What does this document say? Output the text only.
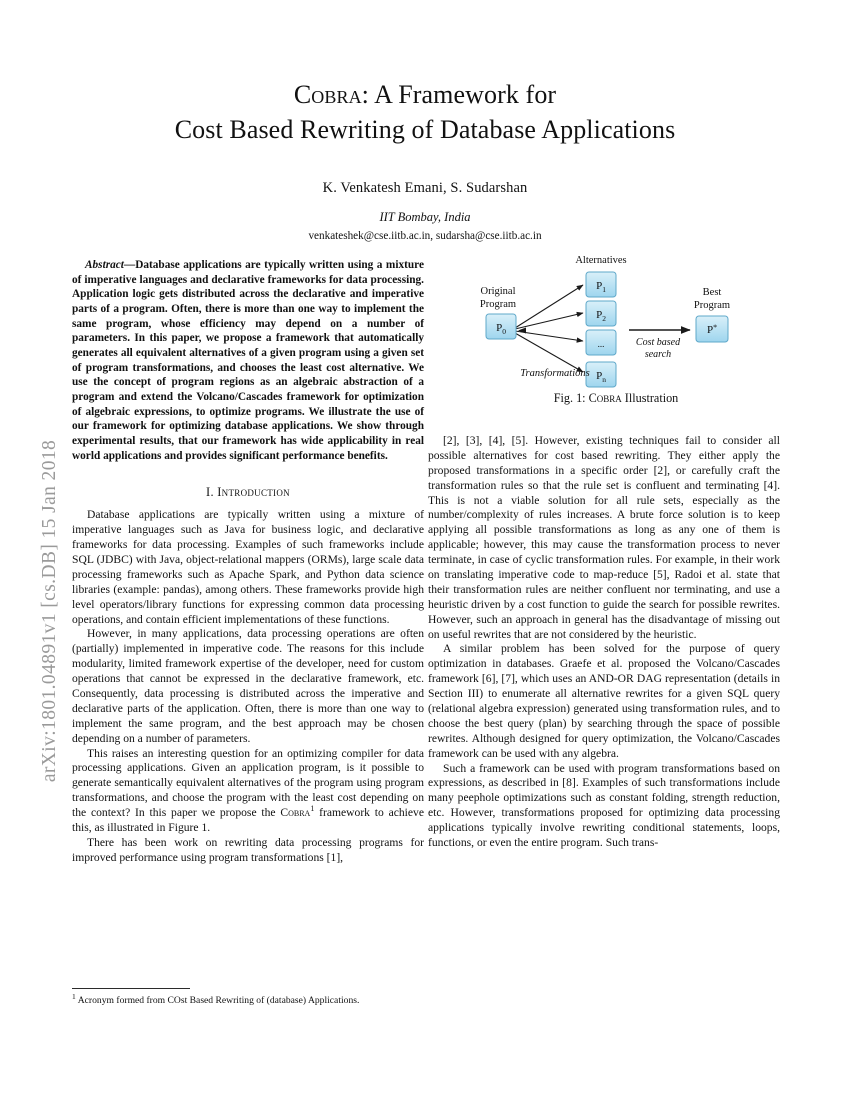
arXiv:1801.04891v1 [cs.DB] 15 Jan 2018
Cobra: A Framework for
Cost Based Rewriting of Database Applications
K. Venkatesh Emani, S. Sudarshan
IIT Bombay, India
venkateshek@cse.iitb.ac.in, sudarsha@cse.iitb.ac.in

Abstract—Database applications are typically written using a mixture of imperative languages and declarative frameworks for data processing. Application logic gets distributed across the declarative and imperative parts of a program. Often, there is more than one way to implement the same program, whose efficiency may depend on a number of parameters. In this paper, we propose a framework that automatically generates all equivalent alternatives of a given program using a given set of program transformations, and chooses the least cost alternative. We use the concept of program regions as an algebraic abstraction of a program and extend the Volcano/Cascades framework for optimization of algebraic expressions, to optimize programs. We illustrate the use of our framework for optimizing database applications. We show through experimental results, that our framework has wide applicability in real world applications and provides significant performance benefits.

I. Introduction

Database applications are typically written using a mixture of imperative languages such as Java for business logic, and declarative frameworks for data processing. Examples of such frameworks include SQL (JDBC) with Java, object-relational mappers (ORMs), large scale data processing frameworks such as Apache Spark, and Python data science libraries (example: pandas), among others. These frameworks provide high level operators/library functions for expressing common data processing operations, and contain efficient implementations of these functions.

However, in many applications, data processing operations are often (partially) implemented in imperative code. The reasons for this include modularity, limited framework expertise of the developer, need for custom operations that cannot be expressed in the declarative framework, etc. Consequently, data processing is distributed across the imperative and declarative parts of the application. Often, there is more than one way to implement the same program, and the best approach may be chosen depending on a number of parameters.

This raises an interesting question for an optimizing compiler for data processing applications. Given an application program, is it possible to generate semantically equivalent alternatives of the program using program transformations, and choose the program with the least cost depending on the context? In this paper we propose the Cobra$^1$ framework to achieve this, as illustrated in Figure 1.

There has been work on rewriting data processing programs for improved performance using program transformations [1],

$^1$ Acronym formed from COst Based Rewriting of (database) Applications.
$P_0$
$P_1$
$P_2$
...
$P_n$
P*
Alternatives
Original
Program
Best
Program
Transformations
Cost based
search
Fig. 1: Cobra Illustration

[2], [3], [4], [5]. However, existing techniques fail to consider all possible alternatives for cost based rewriting. They either apply the proposed transformations in a specific order [2], or carefully craft the transformation rules so that the rule set is confluent and terminating [4]. This is not a viable solution for all rule sets, especially as the number/complexity of rules increases. A brute force solution is to keep applying all possible transformations as long as any one of them is applicable; however, this may cause the transformation process to never terminate, in case of cyclic transformation rules. For example, in their work on translating imperative code to map-reduce [5], Radoi et al. state that their transformation rules are neither confluent nor terminating, and use a heuristic driven by a cost function to guide the search for possible rewrites. However, such an approach in general has the disadvantage of missing out on useful rewrites that are not considered by the heuristic.

A similar problem has been solved for the purpose of query optimization in databases. Graefe et al. proposed the Volcano/Cascades framework [6], [7], which uses an AND-OR DAG representation (details in Section III) to enumerate all alternative rewrites for a given SQL query (relational algebra expression) generated using transformation rules, and to choose the best query (plan) by searching through the space of possible rewrites. Although designed for query optimization, the Volcano/Cascades framework can be used with any algebra.

Such a framework can be used with program transformations based on expressions, as described in [8]. Examples of such transformations include many peephole optimizations such as constant folding, strength reduction, etc. However, transformations proposed for optimizing data processing applications typically involve rewriting conditional statements, loops, functions, or even the entire program. Such trans-
